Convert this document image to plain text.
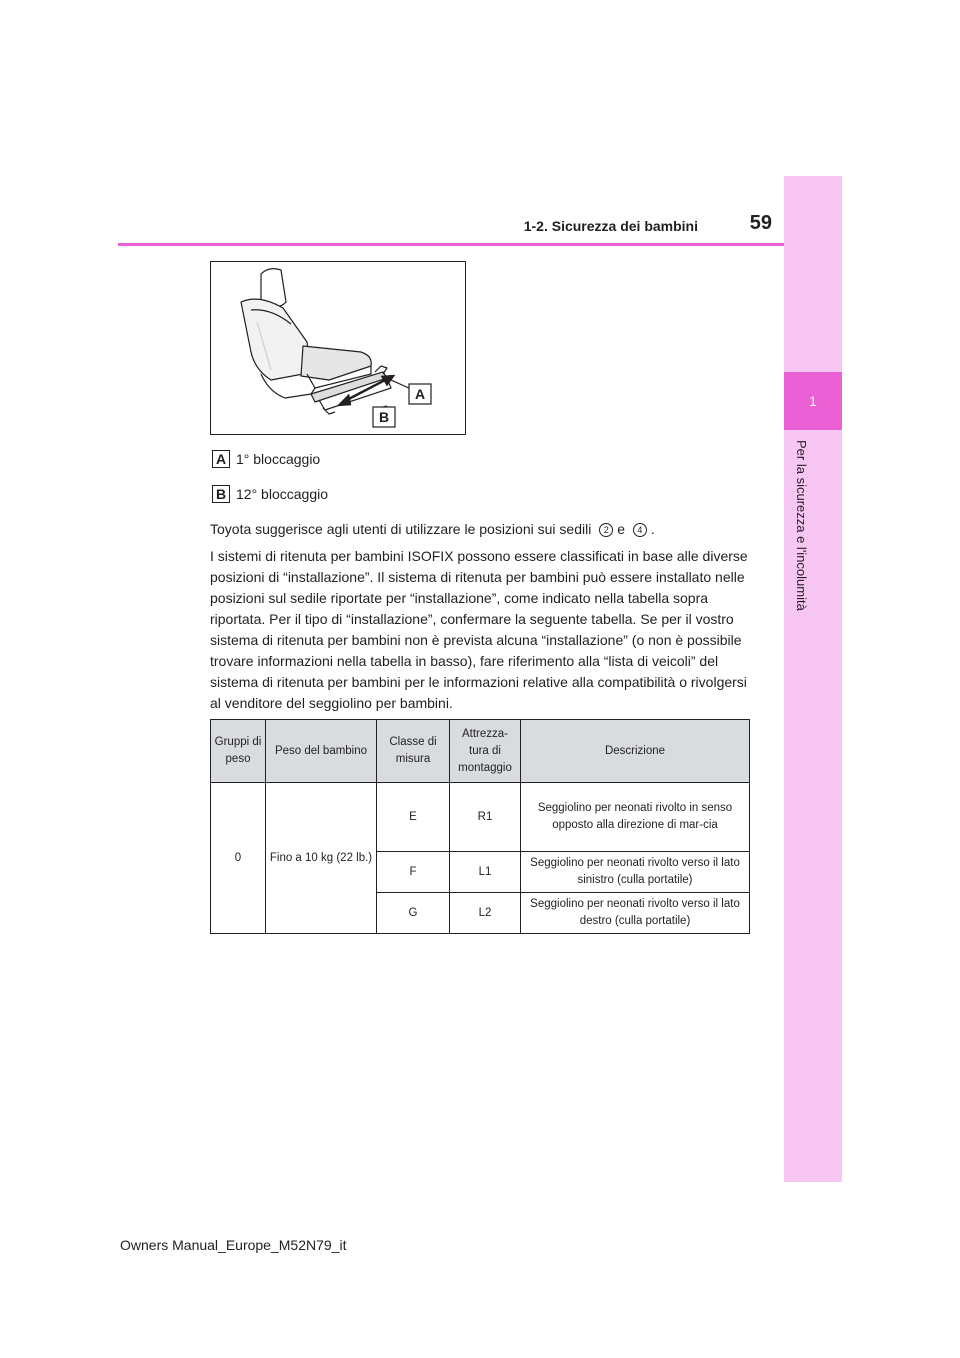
1
Per la sicurezza e l'incolumità
1-2. Sicurezza dei bambini	59
A
B
A 1° bloccaggio
B 12° bloccaggio
Toyota suggerisce agli utenti di utilizzare le posizioni sui sedili 2 e 4 .
I sistemi di ritenuta per bambini ISOFIX possono essere classificati in base alle diverse posizioni di “installazione”. Il sistema di ritenuta per bambini può essere installato nelle posizioni sul sedile riportate per “installazione”, come indicato nella tabella sopra riportata. Per il tipo di “installazione”, confermare la seguente tabella. Se per il vostro sistema di ritenuta per bambini non è prevista alcuna “installazione” (o non è possibile trovare informazioni nella tabella in basso), fare riferimento alla “lista di veicoli” del sistema di ritenuta per bambini per le informazioni relative alla compatibilità o rivolgersi al venditore del seggiolino per bambini.
Gruppi di peso	Peso del bambino	Classe di misura	Attrezza-tura di montaggio	Descrizione
0	Fino a 10 kg (22 lb.)	E	R1	Seggiolino per neonati rivolto in senso opposto alla direzione di mar-cia
		F	L1	Seggiolino per neonati rivolto verso il lato sinistro (culla portatile)
		G	L2	Seggiolino per neonati rivolto verso il lato destro (culla portatile)
Owners Manual_Europe_M52N79_it
